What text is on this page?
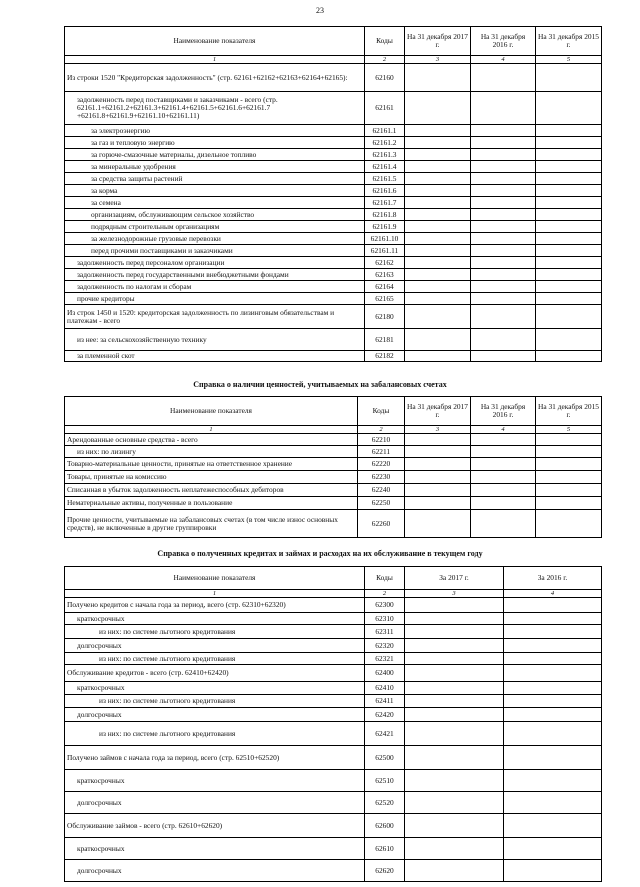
23
Наименование показателя	Коды	На 31 декабря 2017 г.	На 31 декабря 2016 г.	На 31 декабря 2015 г.
1	2	3	4	5
Из строки 1520 "Кредиторская задолженность" (стр. 62161+62162+62163+62164+62165):	62160			
задолженность перед поставщиками и заказчиками - всего (стр. 62161.1+62161.2+62161.3+62161.4+62161.5+62161.6+62161.7 +62161.8+62161.9+62161.10+62161.11)	62161			
за электроэнергию	62161.1			
за газ и тепловую энергию	62161.2			
за горюче-смазочные материалы, дизельное топливо	62161.3			
за минеральные удобрения	62161.4			
за средства защиты растений	62161.5			
за корма	62161.6			
за семена	62161.7			
организациям, обслуживающим сельское хозяйство	62161.8			
подрядным строительным организациям	62161.9			
за железнодорожные грузовые перевозки	62161.10			
перед прочими поставщиками и заказчиками	62161.11			
задолженность перед персоналом организации	62162			
задолженность перед государственными внебюджетными фондами	62163			
задолженность по налогам и сборам	62164			
прочие кредиторы	62165			
Из строк 1450 и 1520: кредиторская задолженность по лизинговым обязательствам и платежам - всего	62180			
из нее: за сельскохозяйственную технику	62181			
за племенной скот	62182			
Справка о наличии ценностей, учитываемых на забалансовых счетах
Наименование показателя	Коды	На 31 декабря 2017 г.	На 31 декабря 2016 г.	На 31 декабря 2015 г.
1	2	3	4	5
Арендованные основные средства - всего	62210			
из них: по лизингу	62211			
Товарно-материальные ценности, принятые на ответственное хранение	62220			
Товары, принятые на комиссию	62230			
Списанная в убыток задолженность неплатежеспособных дебиторов	62240			
Нематериальные активы, полученные в пользование	62250			
Прочие ценности, учитываемые на забалансовых счетах (в том числе износ основных средств), не включенные в другие группировки	62260			
Справка о полученных кредитах и займах и расходах на их обслуживание в текущем году
Наименование показателя	Коды	За 2017 г.	За 2016 г.
1	2	3	4
Получено кредитов с начала года за период, всего (стр. 62310+62320)	62300		
краткосрочных	62310		
из них: по системе льготного кредитования	62311		
долгосрочных	62320		
из них: по системе льготного кредитования	62321		
Обслуживание кредитов - всего (стр. 62410+62420)	62400		
краткосрочных	62410		
из них: по системе льготного кредитования	62411		
долгосрочных	62420		
из них: по системе льготного кредитования	62421		
Получено займов с начала года за период, всего (стр. 62510+62520)	62500		
краткосрочных	62510		
долгосрочных	62520		
Обслуживание займов - всего (стр. 62610+62620)	62600		
краткосрочных	62610		
долгосрочных	62620		
